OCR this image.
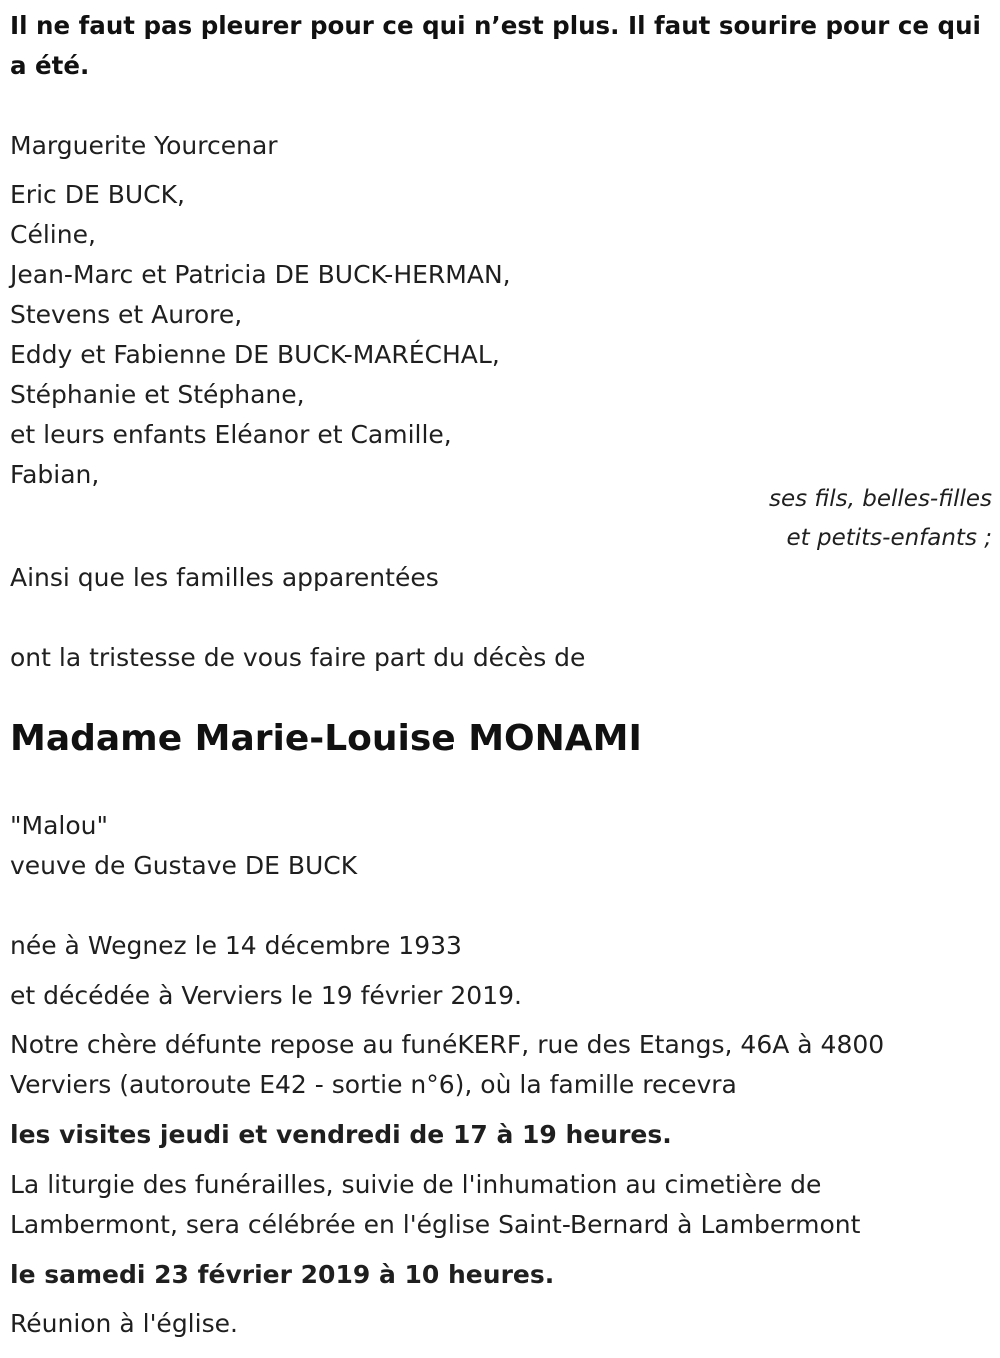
Il ne faut pas pleurer pour ce qui n’est plus. Il faut sourire pour ce qui a été.

Marguerite Yourcenar

Eric DE BUCK,

Céline,

Jean-Marc et Patricia DE BUCK-HERMAN,

Stevens et Aurore,

Eddy et Fabienne DE BUCK-MARÉCHAL,

Stéphanie et Stéphane,

et leurs enfants Eléanor et Camille,

Fabian,

ses fils, belles-filles
et petits-enfants ;

Ainsi que les familles apparentées

ont la tristesse de vous faire part du décès de

Madame Marie-Louise MONAMI

"Malou"

veuve de Gustave DE BUCK

née à Wegnez le 14 décembre 1933

et décédée à Verviers le 19 février 2019.

Notre chère défunte repose au funéKERF, rue des Etangs, 46A à 4800

Verviers (autoroute E42 - sortie n°6), où la famille recevra

les visites jeudi et vendredi de 17 à 19 heures.

La liturgie des funérailles, suivie de l'inhumation au cimetière de

Lambermont, sera célébrée en l'église Saint-Bernard à Lambermont

le samedi 23 février 2019 à 10 heures.

Réunion à l'église.
